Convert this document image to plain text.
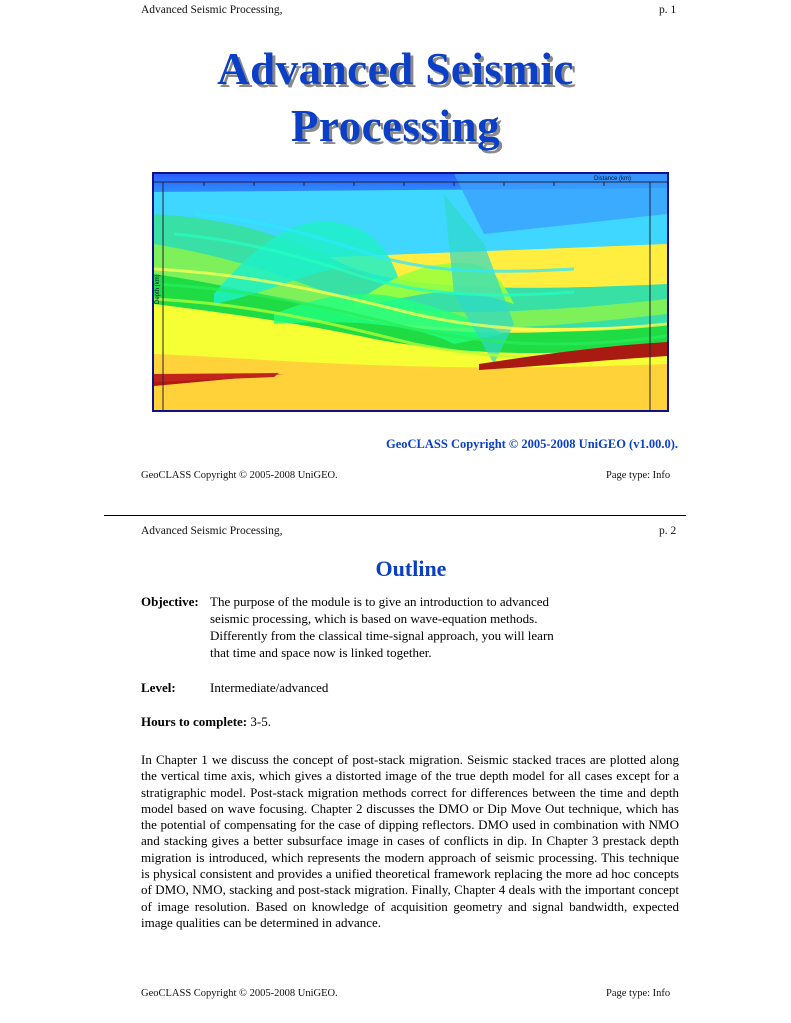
Advanced Seismic Processing,	p. 1
Advanced Seismic
Processing
Distance (km)
Depth (km)
GeoCLASS Copyright © 2005-2008 UniGEO (v1.00.0).
GeoCLASS Copyright © 2005-2008 UniGEO.	Page type: Info
Advanced Seismic Processing,	p. 2
Outline
Objective: The purpose of the module is to give an introduction to advanced
seismic processing, which is based on wave-equation methods.
Differently from the classical time-signal approach, you will learn
that time and space now is linked together.
Level:	Intermediate/advanced
Hours to complete: 3-5.
In Chapter 1 we discuss the concept of post-stack migration. Seismic stacked traces are plotted along the vertical time axis, which gives a distorted image of the true depth model for all cases except for a stratigraphic model. Post-stack migration methods correct for differences between the time and depth model based on wave focusing. Chapter 2 discusses the DMO or Dip Move Out technique, which has the potential of compensating for the case of dipping reflectors. DMO used in combination with NMO and stacking gives a better subsurface image in cases of conflicts in dip. In Chapter 3 prestack depth migration is introduced, which represents the modern approach of seismic processing. This technique is physical consistent and provides a unified theoretical framework replacing the more ad hoc concepts of DMO, NMO, stacking and post-stack migration. Finally, Chapter 4 deals with the important concept of image resolution. Based on knowledge of acquisition geometry and signal bandwidth, expected image qualities can be determined in advance.
GeoCLASS Copyright © 2005-2008 UniGEO.	Page type: Info
